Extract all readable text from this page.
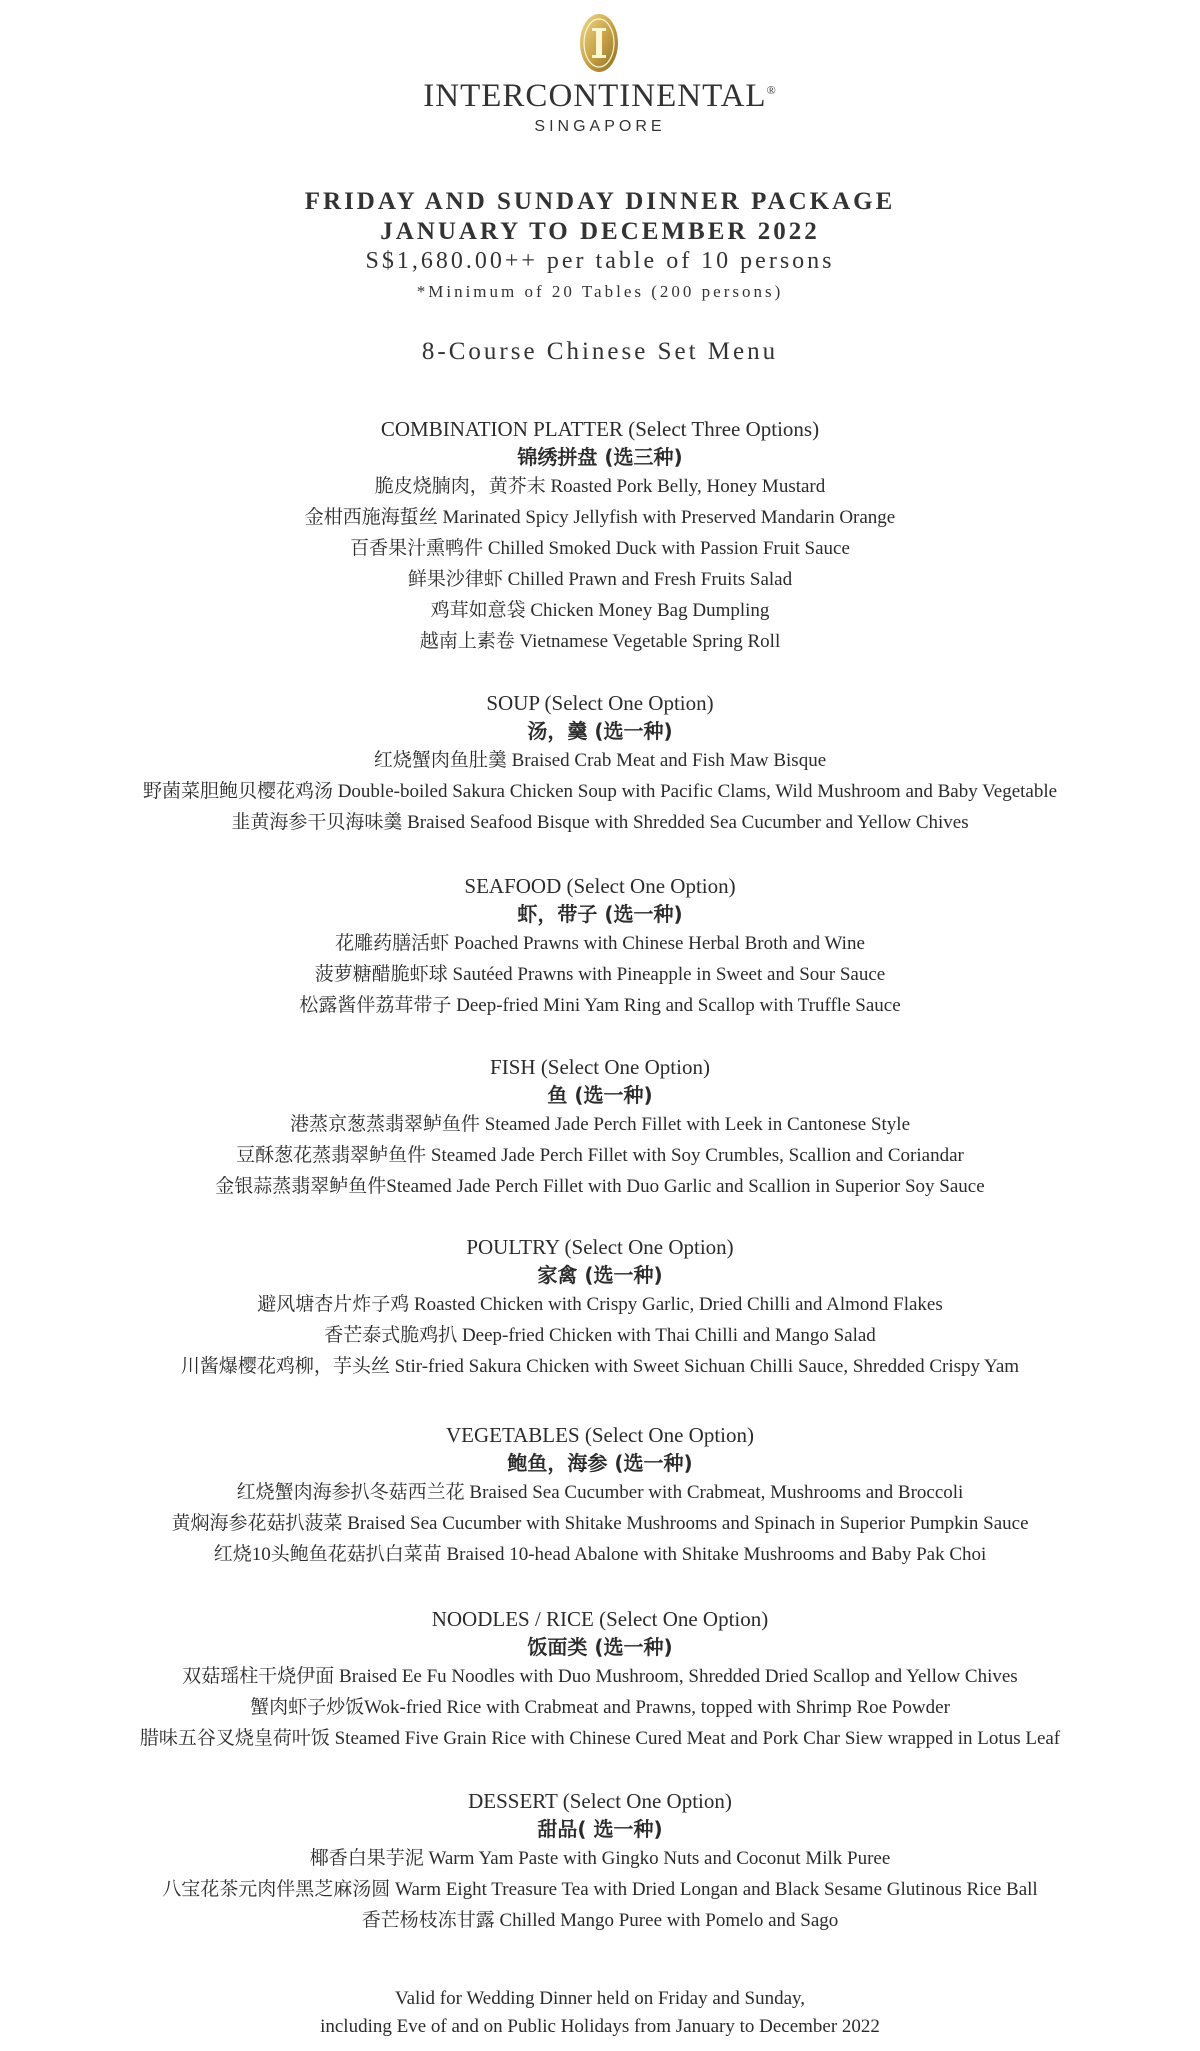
INTERCONTINENTAL®
SINGAPORE
FRIDAY AND SUNDAY DINNER PACKAGE
JANUARY TO DECEMBER 2022
S$1,680.00++ per table of 10 persons
*Minimum of 20 Tables (200 persons)
8-Course Chinese Set Menu
COMBINATION PLATTER (Select Three Options)
锦绣拼盘 (选三种)
脆皮烧腩肉，黄芥末 Roasted Pork Belly, Honey Mustard
金柑西施海蜇丝 Marinated Spicy Jellyfish with Preserved Mandarin Orange
百香果汁熏鸭件 Chilled Smoked Duck with Passion Fruit Sauce
鲜果沙律虾 Chilled Prawn and Fresh Fruits Salad
鸡茸如意袋 Chicken Money Bag Dumpling
越南上素卷 Vietnamese Vegetable Spring Roll
SOUP (Select One Option)
汤，羹 (选一种)
红烧蟹肉鱼肚羹 Braised Crab Meat and Fish Maw Bisque
野菌菜胆鲍贝樱花鸡汤 Double-boiled Sakura Chicken Soup with Pacific Clams, Wild Mushroom and Baby Vegetable
韭黄海参干贝海味羹 Braised Seafood Bisque with Shredded Sea Cucumber and Yellow Chives
SEAFOOD (Select One Option)
虾，带子 (选一种)
花雕药膳活虾 Poached Prawns with Chinese Herbal Broth and Wine
菠萝糖醋脆虾球 Sautéed Prawns with Pineapple in Sweet and Sour Sauce
松露酱伴荔茸带子 Deep-fried Mini Yam Ring and Scallop with Truffle Sauce
FISH (Select One Option)
鱼 (选一种)
港蒸京葱蒸翡翠鲈鱼件 Steamed Jade Perch Fillet with Leek in Cantonese Style
豆酥葱花蒸翡翠鲈鱼件 Steamed Jade Perch Fillet with Soy Crumbles, Scallion and Coriandar
金银蒜蒸翡翠鲈鱼件Steamed Jade Perch Fillet with Duo Garlic and Scallion in Superior Soy Sauce
POULTRY (Select One Option)
家禽 (选一种)
避风塘杏片炸子鸡 Roasted Chicken with Crispy Garlic, Dried Chilli and Almond Flakes
香芒泰式脆鸡扒 Deep-fried Chicken with Thai Chilli and Mango Salad
川酱爆樱花鸡柳，芋头丝 Stir-fried Sakura Chicken with Sweet Sichuan Chilli Sauce, Shredded Crispy Yam
VEGETABLES (Select One Option)
鲍鱼，海参 (选一种)
红烧蟹肉海参扒冬菇西兰花 Braised Sea Cucumber with Crabmeat, Mushrooms and Broccoli
黄焖海参花菇扒菠菜 Braised Sea Cucumber with Shitake Mushrooms and Spinach in Superior Pumpkin Sauce
红烧10头鲍鱼花菇扒白菜苗 Braised 10-head Abalone with Shitake Mushrooms and Baby Pak Choi
NOODLES / RICE (Select One Option)
饭面类 (选一种)
双菇瑶柱干烧伊面 Braised Ee Fu Noodles with Duo Mushroom, Shredded Dried Scallop and Yellow Chives
蟹肉虾子炒饭Wok-fried Rice with Crabmeat and Prawns, topped with Shrimp Roe Powder
腊味五谷叉烧皇荷叶饭 Steamed Five Grain Rice with Chinese Cured Meat and Pork Char Siew wrapped in Lotus Leaf
DESSERT (Select One Option)
甜品( 选一种)
椰香白果芋泥 Warm Yam Paste with Gingko Nuts and Coconut Milk Puree
八宝花茶元肉伴黑芝麻汤圆 Warm Eight Treasure Tea with Dried Longan and Black Sesame Glutinous Rice Ball
香芒杨枝冻甘露 Chilled Mango Puree with Pomelo and Sago
Valid for Wedding Dinner held on Friday and Sunday,
including Eve of and on Public Holidays from January to December 2022
